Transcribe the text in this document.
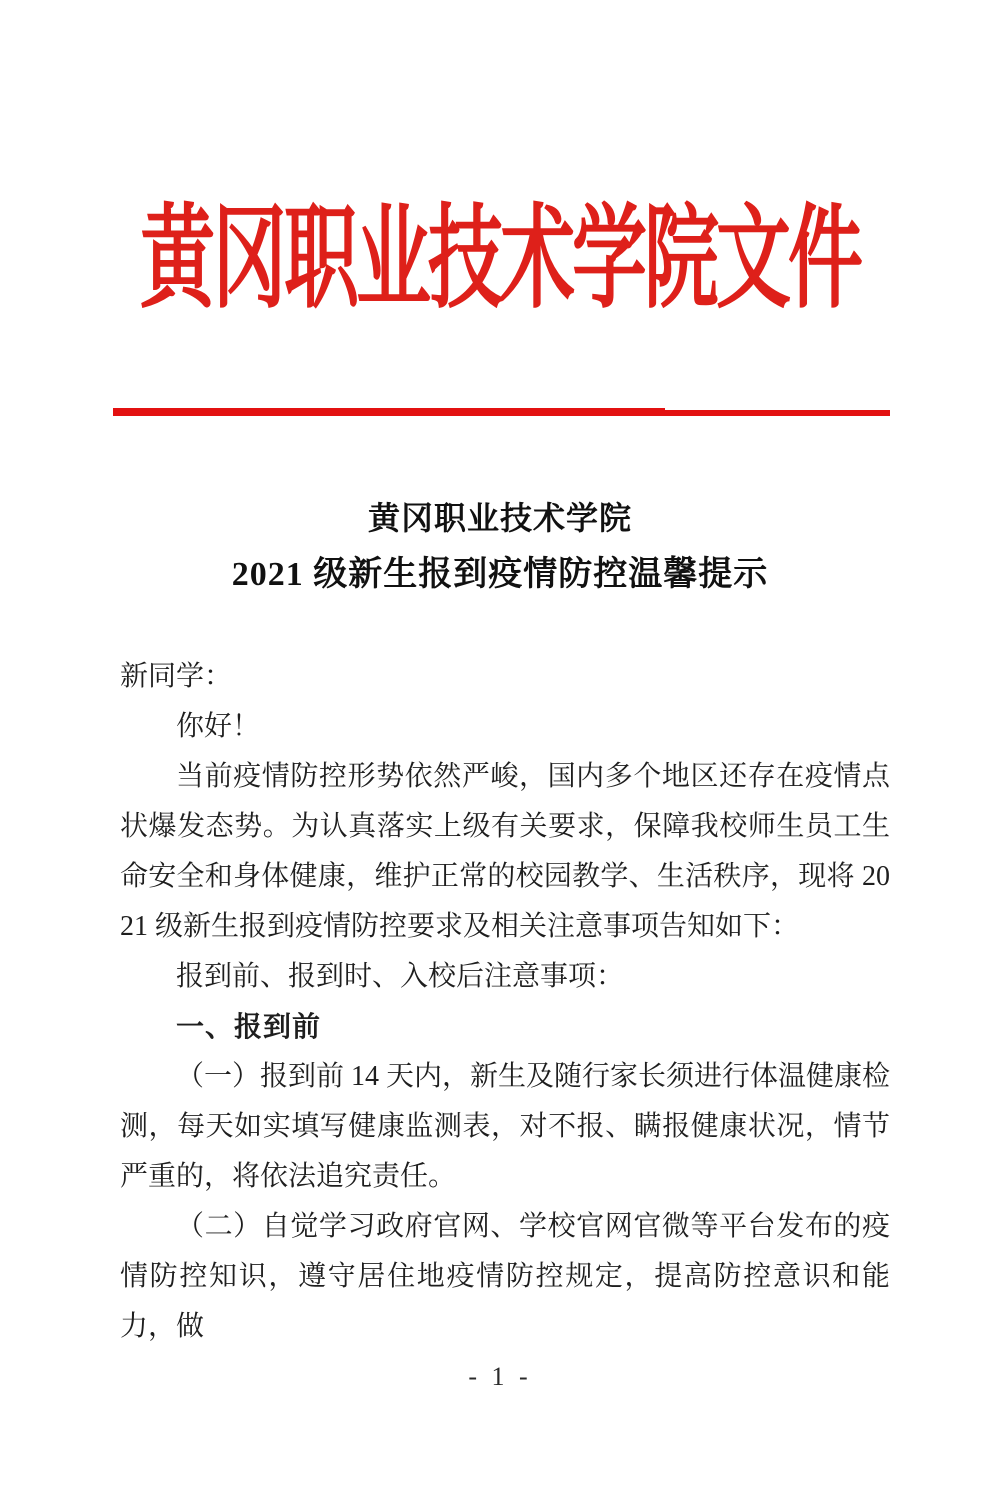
黄冈职业技术学院文件
黄冈职业技术学院
2021 级新生报到疫情防控温馨提示

新同学：

你好！

当前疫情防控形势依然严峻，国内多个地区还存在疫情点状爆发态势。为认真落实上级有关要求，保障我校师生员工生命安全和身体健康，维护正常的校园教学、生活秩序，现将 2021 级新生报到疫情防控要求及相关注意事项告知如下：

报到前、报到时、入校后注意事项：

一、报到前

（一）报到前 14 天内，新生及随行家长须进行体温健康检测，每天如实填写健康监测表，对不报、瞒报健康状况，情节严重的，将依法追究责任。

（二）自觉学习政府官网、学校官网官微等平台发布的疫情防控知识，遵守居住地疫情防控规定，提高防控意识和能力，做

- 1 -
